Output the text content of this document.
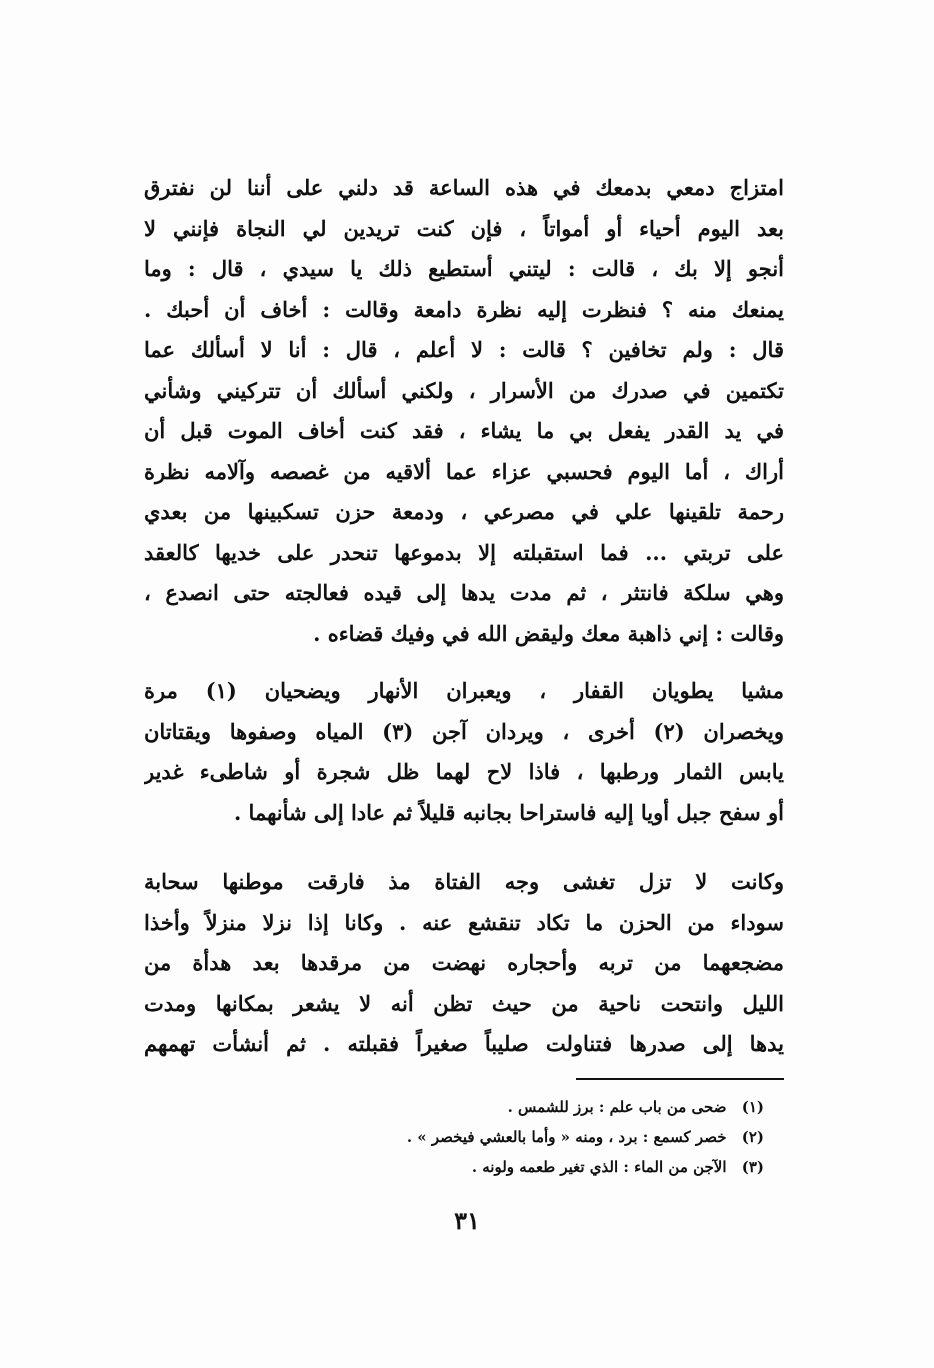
امتزاج دمعي بدمعك في هذه الساعة قد دلني على أننا لن نفترق
بعد اليوم أحياء أو أمواتاً ، فإن كنت تريدين لي النجاة فإنني لا
أنجو إلا بك ، قالت : ليتني أستطيع ذلك يا سيدي ، قال : وما
يمنعك منه ؟ فنظرت إليه نظرة دامعة وقالت : أخاف أن أحبك .
قال : ولم تخافين ؟ قالت : لا أعلم ، قال : أنا لا أسألك عما
تكتمين في صدرك من الأسرار ، ولكني أسألك أن تتركيني وشأني
في يد القدر يفعل بي ما يشاء ، فقد كنت أخاف الموت قبل أن
أراك ، أما اليوم فحسبي عزاء عما ألاقيه من غصصه وآلامه نظرة
رحمة تلقينها علي في مصرعي ، ودمعة حزن تسكبينها من بعدي
على تربتي ... فما استقبلته إلا بدموعها تنحدر على خديها كالعقد
وهي سلكة فانتثر ، ثم مدت يدها إلى قيده فعالجته حتى انصدع ،
وقالت : إني ذاهبة معك وليقض الله في وفيك قضاءه .
مشيا يطويان القفار ، ويعبران الأنهار ويضحيان (١) مرة
ويخصران (٢) أخرى ، ويردان آجن (٣) المياه وصفوها ويقتاتان
يابس الثمار ورطبها ، فاذا لاح لهما ظل شجرة أو شاطىء غدير
أو سفح جبل أويا إليه فاستراحا بجانبه قليلاً ثم عادا إلى شأنهما .
وكانت لا تزل تغشى وجه الفتاة مذ فارقت موطنها سحابة
سوداء من الحزن ما تكاد تنقشع عنه . وكانا إذا نزلا منزلاً وأخذا
مضجعهما من تربه وأحجاره نهضت من مرقدها بعد هدأة من
الليل وانتحت ناحية من حيث تظن أنه لا يشعر بمكانها ومدت
يدها إلى صدرها فتناولت صليباً صغيراً فقبلته . ثم أنشأت تهمهم
(١) ضحى من باب علم : برز للشمس .
(٢) خصر كسمع : برد ، ومنه « وأما بالعشي فيخصر » .
(٣) الآجن من الماء : الذي تغير طعمه ولونه .
٣١
